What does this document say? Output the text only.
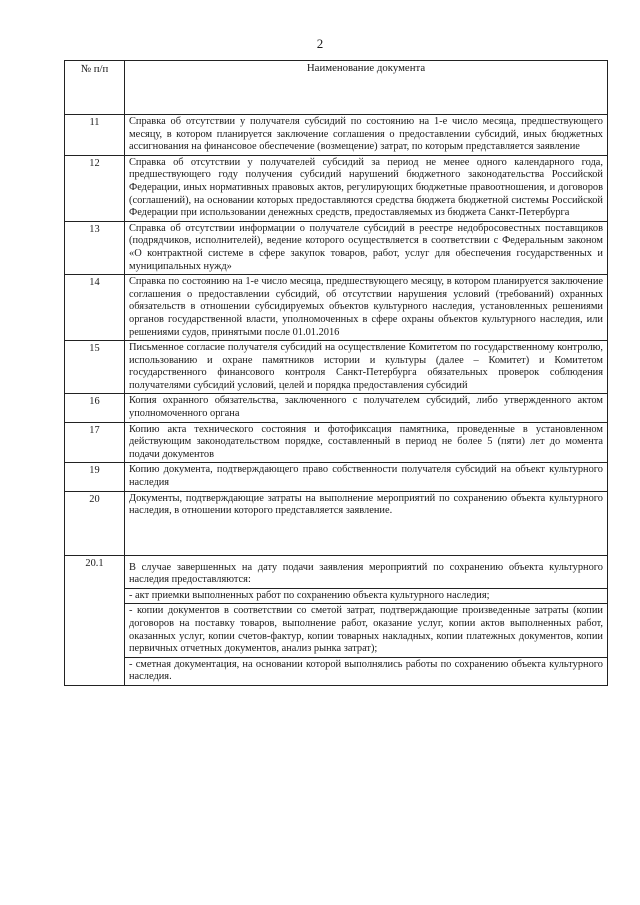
2
№ п/п	Наименование документа
11	Справка об отсутствии у получателя субсидий по состоянию на 1-е число месяца, предшествующего месяцу, в котором планируется заключение соглашения о предоставлении субсидий, иных бюджетных ассигнования на финансовое обеспечение (возмещение) затрат, по которым представляется заявление
12	Справка об отсутствии у получателей субсидий за период не менее одного календарного года, предшествующего году получения субсидий нарушений бюджетного законодательства Российской Федерации, иных нормативных правовых актов, регулирующих бюджетные правоотношения, и договоров (соглашений), на основании которых предоставляются средства бюджета бюджетной системы Российской Федерации при использовании денежных средств, предоставляемых из бюджета Санкт-Петербурга
13	Справка об отсутствии информации о получателе субсидий в реестре недобросовестных поставщиков (подрядчиков, исполнителей), ведение которого осуществляется в соответствии с Федеральным законом «О контрактной системе в сфере закупок товаров, работ, услуг для обеспечения государственных и муниципальных нужд»
14	Справка по состоянию на 1-е число месяца, предшествующего месяцу, в котором планируется заключение соглашения о предоставлении субсидий, об отсутствии нарушения условий (требований) охранных обязательств в отношении субсидируемых объектов культурного наследия, установленных решениями органов государственной власти, уполномоченных в сфере охраны объектов культурного наследия, или решениями судов, принятыми после 01.01.2016
15	Письменное согласие получателя субсидий на осуществление Комитетом по государственному контролю, использованию и охране памятников истории и культуры (далее – Комитет) и Комитетом государственного финансового контроля Санкт-Петербурга обязательных проверок соблюдения получателями субсидий условий, целей и порядка предоставления субсидий
16	Копия охранного обязательства, заключенного с получателем субсидий, либо утвержденного актом уполномоченного органа
17	Копию акта технического состояния и фотофиксация памятника, проведенные в установленном действующим законодательством порядке, составленный в период не более 5 (пяти) лет до момента подачи документов
19	Копию документа, подтверждающего право собственности получателя субсидий на объект культурного наследия
20	Документы, подтверждающие затраты на выполнение мероприятий по сохранению объекта культурного наследия, в отношении которого представляется заявление.
20.1	В случае завершенных на дату подачи заявления мероприятий по сохранению объекта культурного наследия предоставляются:
	- акт приемки выполненных работ по сохранению объекта культурного наследия;
	- копии документов в соответствии со сметой затрат, подтверждающие произведенные затраты (копии договоров на поставку товаров, выполнение работ, оказание услуг, копии актов выполненных работ, оказанных услуг, копии счетов-фактур, копии товарных накладных, копии платежных документов, копии первичных отчетных документов, анализ рынка затрат);
	- сметная документация, на основании которой выполнялись работы по сохранению объекта культурного наследия.
